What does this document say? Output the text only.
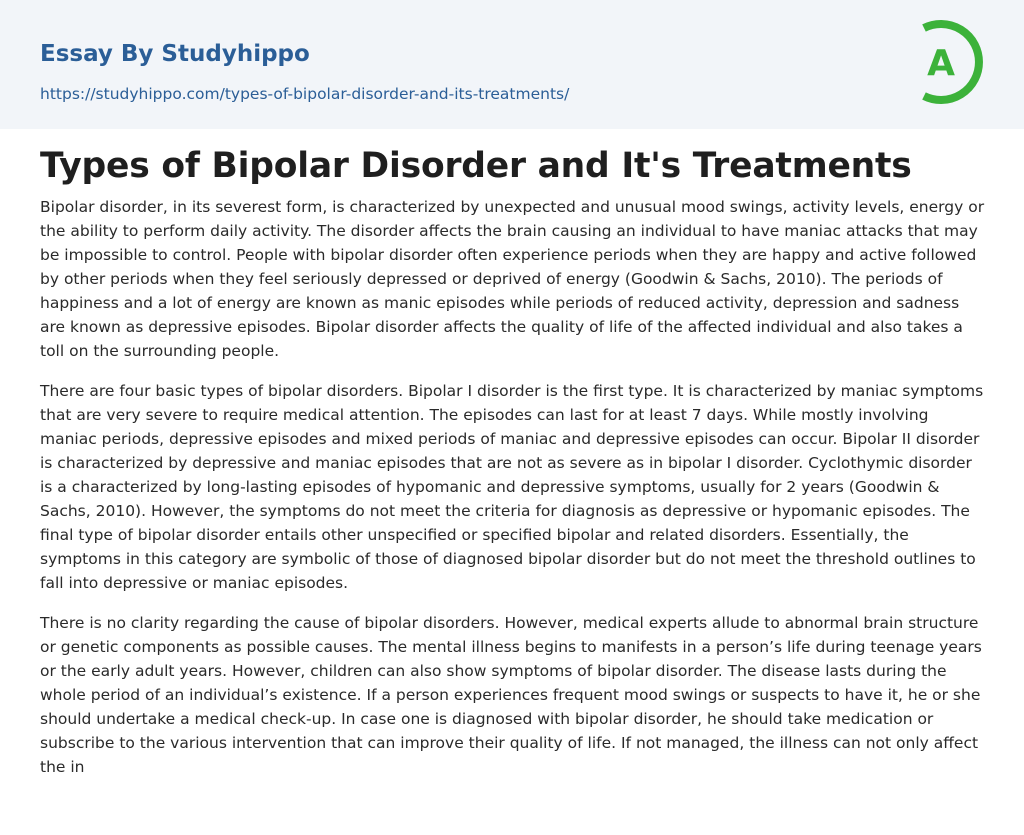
Essay By Studyhippo
https://studyhippo.com/types-of-bipolar-disorder-and-its-treatments/
A
Types of Bipolar Disorder and It's Treatments

Bipolar disorder, in its severest form, is characterized by unexpected and unusual mood swings, activity levels, energy or the ability to perform daily activity. The disorder affects the brain causing an individual to have maniac attacks that may be impossible to control. People with bipolar disorder often experience periods when they are happy and active followed by other periods when they feel seriously depressed or deprived of energy (Goodwin & Sachs, 2010). The periods of happiness and a lot of energy are known as manic episodes while periods of reduced activity, depression and sadness are known as depressive episodes. Bipolar disorder affects the quality of life of the affected individual and also takes a toll on the surrounding people.

There are four basic types of bipolar disorders. Bipolar I disorder is the first type. It is characterized by maniac symptoms that are very severe to require medical attention. The episodes can last for at least 7 days. While mostly involving maniac periods, depressive episodes and mixed periods of maniac and depressive episodes can occur. Bipolar II disorder is characterized by depressive and maniac episodes that are not as severe as in bipolar I disorder. Cyclothymic disorder is a characterized by long-lasting episodes of hypomanic and depressive symptoms, usually for 2 years (Goodwin & Sachs, 2010). However, the symptoms do not meet the criteria for diagnosis as depressive or hypomanic episodes. The final type of bipolar disorder entails other unspecified or specified bipolar and related disorders. Essentially, the symptoms in this category are symbolic of those of diagnosed bipolar disorder but do not meet the threshold outlines to fall into depressive or maniac episodes.

There is no clarity regarding the cause of bipolar disorders. However, medical experts allude to abnormal brain structure or genetic components as possible causes. The mental illness begins to manifests in a person’s life during teenage years or the early adult years. However, children can also show symptoms of bipolar disorder. The disease lasts during the whole period of an individual’s existence. If a person experiences frequent mood swings or suspects to have it, he or she should undertake a medical check-up. In case one is diagnosed with bipolar disorder, he should take medication or subscribe to the various intervention that can improve their quality of life. If not managed, the illness can not only affect the in
